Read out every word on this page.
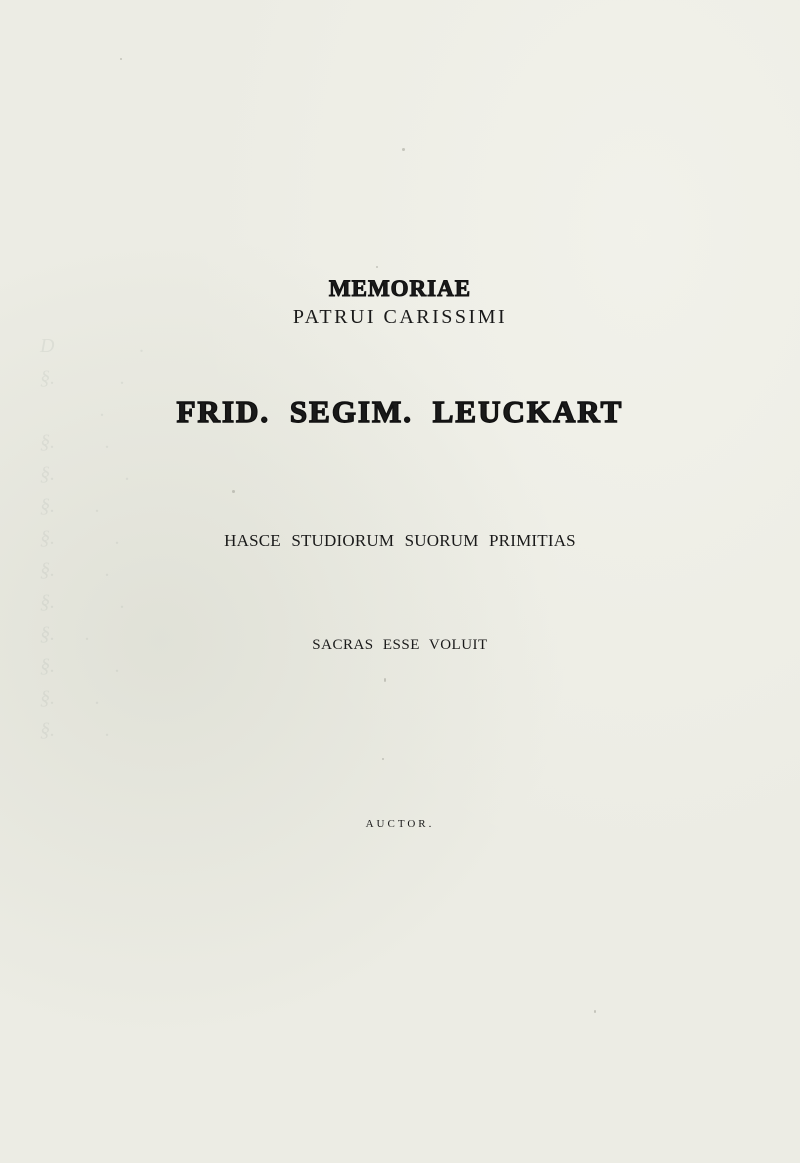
D                 .
§.             .
.
§.          .
§.              .
§.        .
§.            .
§.          .
§.             .
§.      .
§.            .
§.        .
§.          .
MEMORIAE
PATRUI CARISSIMI
FRID. SEGIM. LEUCKART
HASCE STUDIORUM SUORUM PRIMITIAS
SACRAS ESSE VOLUIT
AUCTOR.
